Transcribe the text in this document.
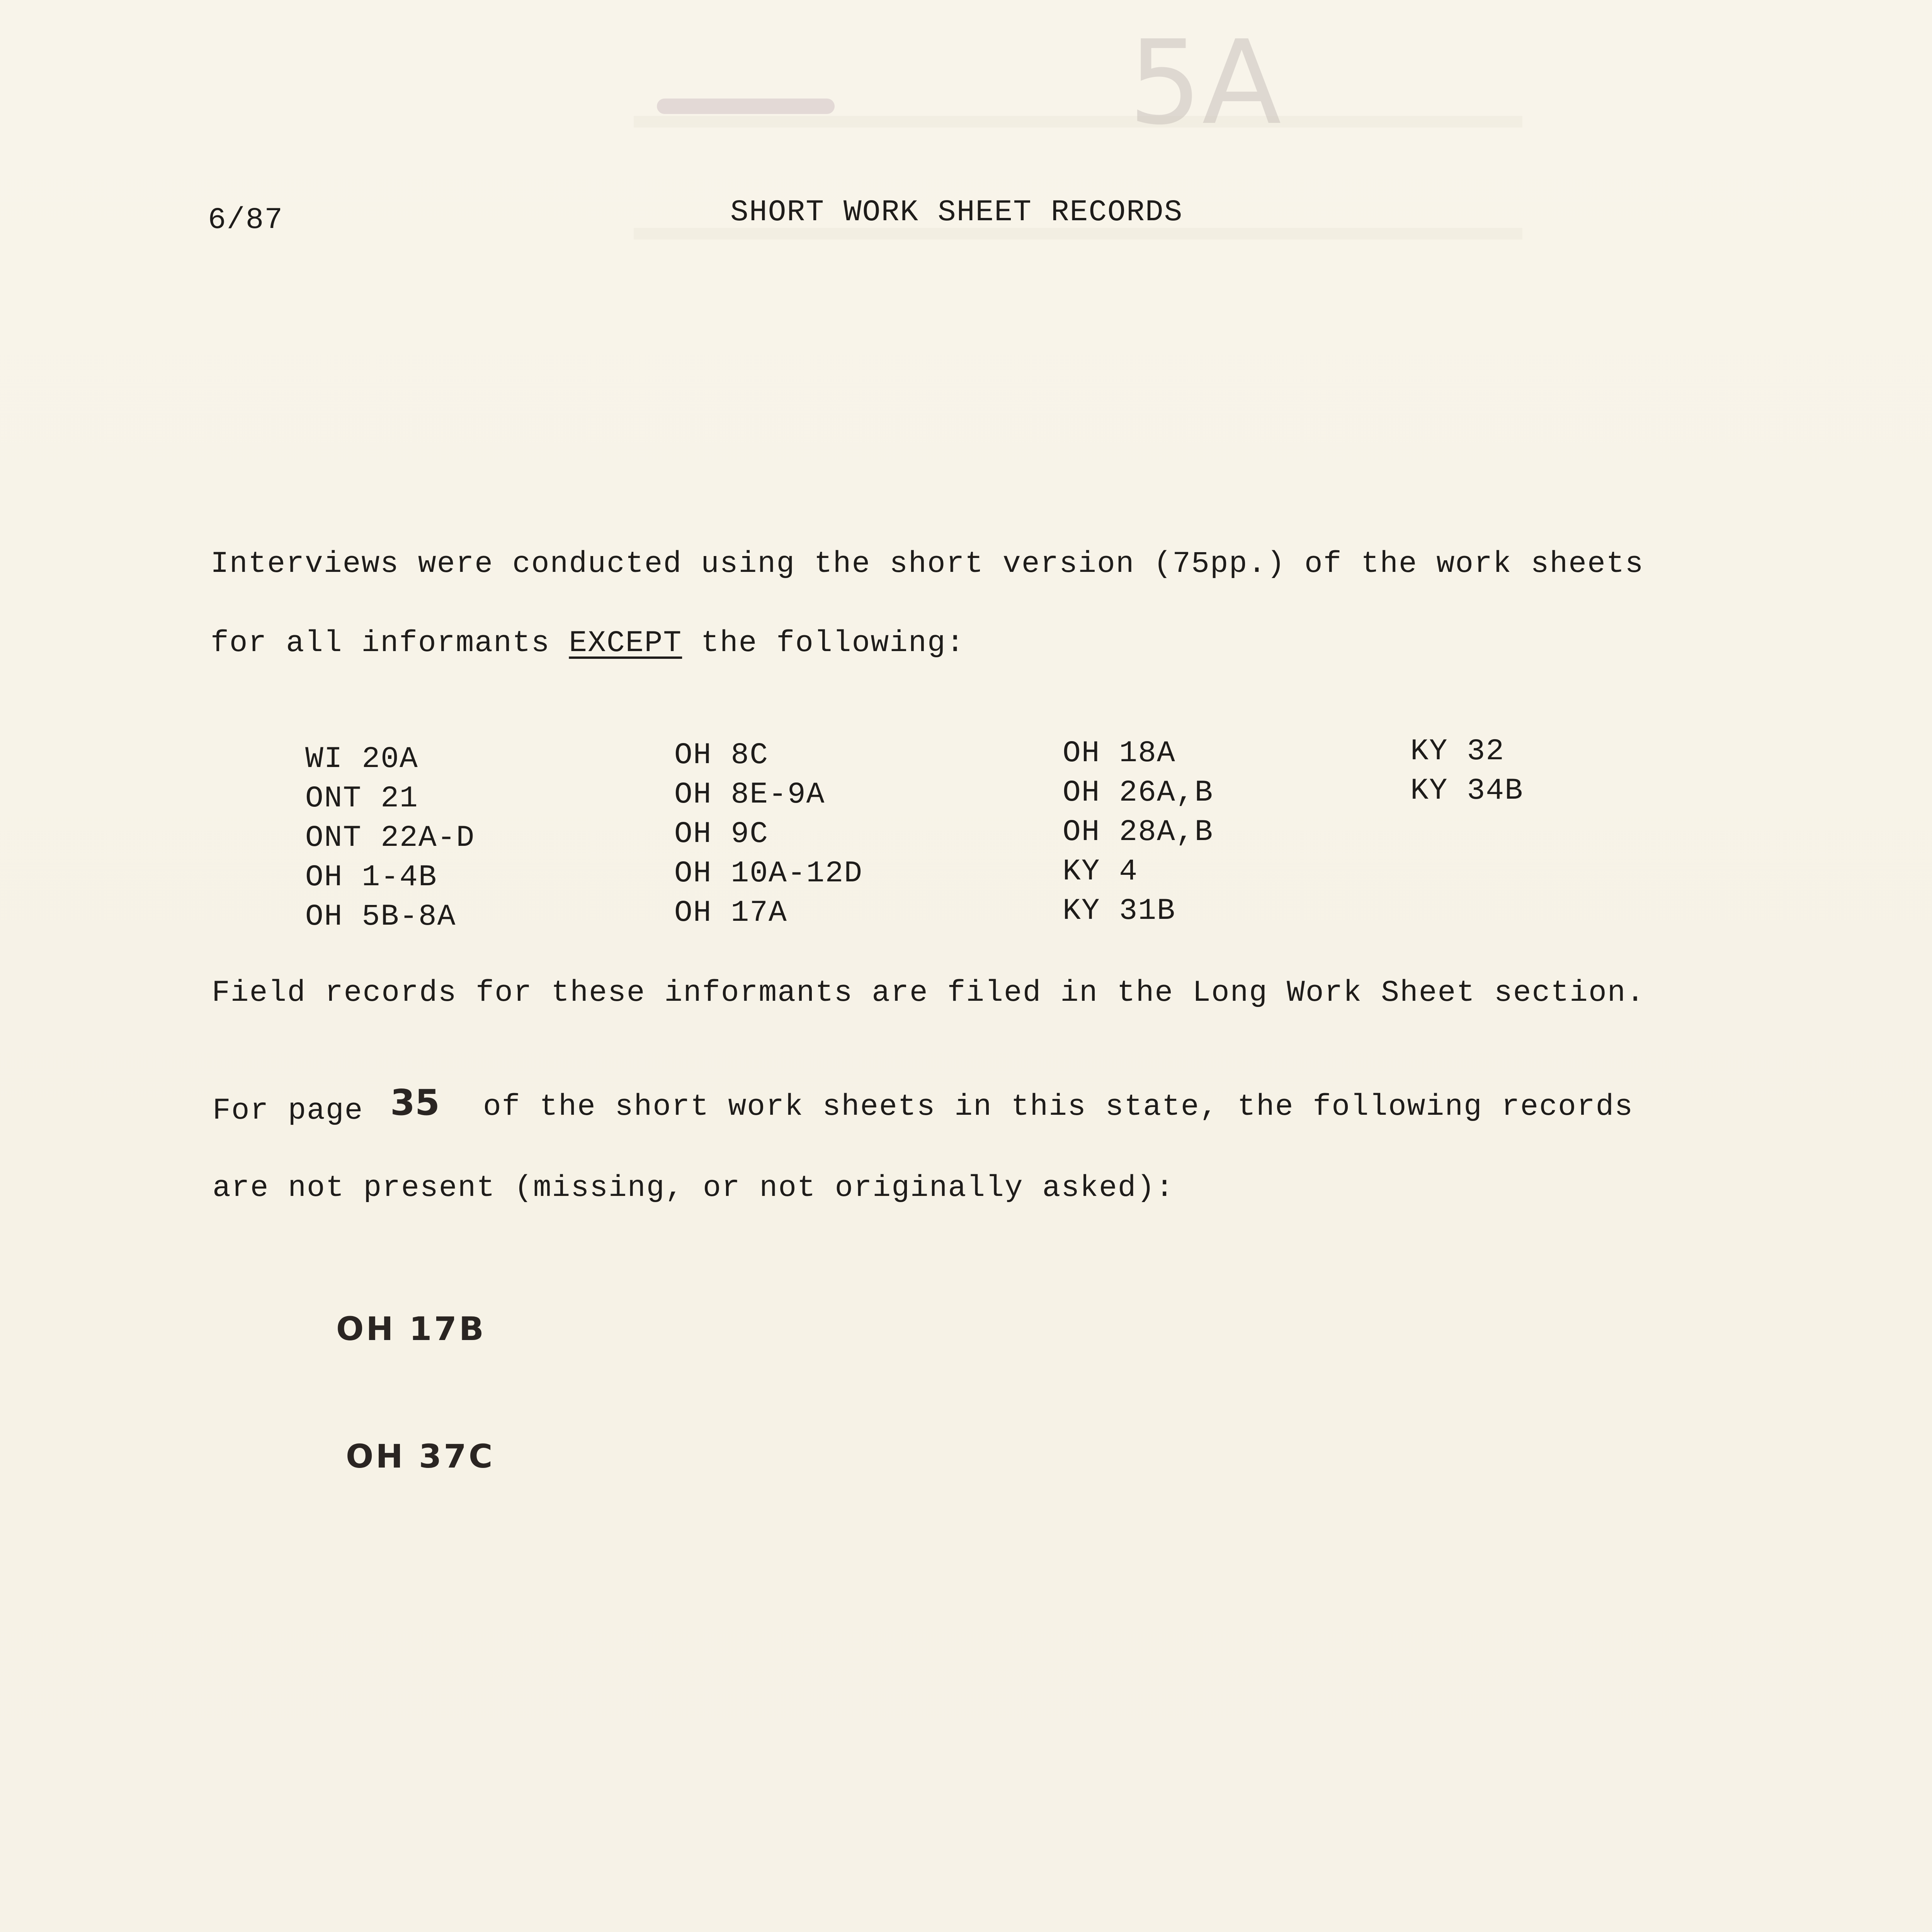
5A
6/87	SHORT WORK SHEET RECORDS
Interviews were conducted using the short version (75pp.) of the work sheets
for all informants EXCEPT the following:
WI 20A
ONT 21
ONT 22A-D
OH 1-4B
OH 5B-8A
OH 8C
OH 8E-9A
OH 9C
OH 10A-12D
OH 17A
OH 18A
OH 26A,B
OH 28A,B
KY 4
KY 31B
KY 32
KY 34B
Field records for these informants are filed in the Long Work Sheet section.
For page 35 of the short work sheets in this state, the following records
are not present (missing, or not originally asked):
OH 17B
OH 37C
